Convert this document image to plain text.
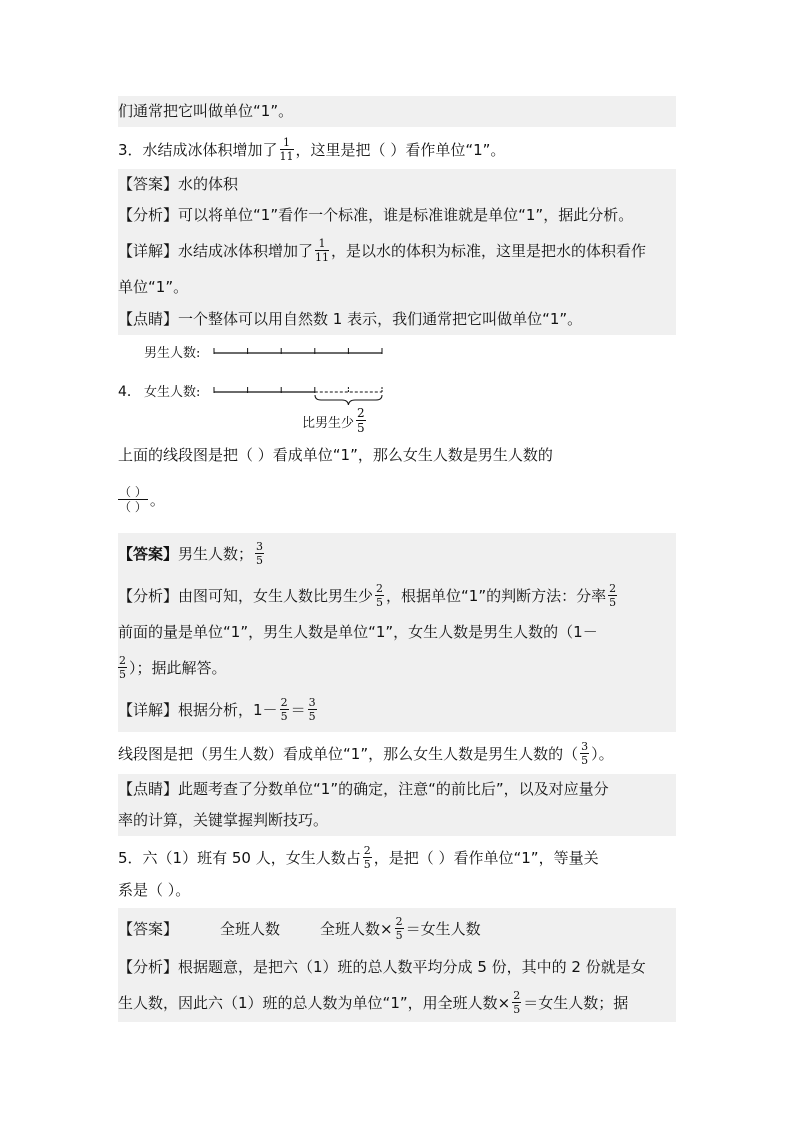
们通常把它叫做单位“1”。
3．水结成冰体积增加了 $\frac{1}{11}$ ，这里是把（ ）看作单位“1”。
【答案】水的体积
【分析】可以将单位“1”看作一个标准，谁是标准谁就是单位“1”，据此分析。
【详解】水结成冰体积增加了 $\frac{1}{11}$ ，是以水的体积为标准，这里是把水的体积看作
单位“1”。
【点睛】一个整体可以用自然数 1 表示，我们通常把它叫做单位“1”。
男生人数:
4． 女生人数:
比男生少 $\frac{2}{5}$
上面的线段图是把（ ）看成单位“1”，那么女生人数是男生人数的
$\frac{( )}{( )}$ 。
【答案】男生人数； $\frac{3}{5}$
【分析】由图可知，女生人数比男生少 $\frac{2}{5}$ ，根据单位“1”的判断方法：分率 $\frac{2}{5}$
前面的量是单位“1”，男生人数是单位“1”，女生人数是男生人数的（1－
$\frac{2}{5}$ ）；据此解答。
【详解】根据分析，$1- \frac{2}{5} = \frac{3}{5}$
线段图是把（男生人数）看成单位“1”，那么女生人数是男生人数的（ $\frac{3}{5}$ ）。
【点睛】此题考查了分数单位“1”的确定，注意“的前比后”，以及对应量分
率的计算，关键掌握判断技巧。
5．六（1）班有 50 人，女生人数占 $\frac{2}{5}$ ，是把（ ）看作单位“1”，等量关
系是（ ）。
【答案】	全班人数	全班人数× $\frac{2}{5}$ ＝女生人数
【分析】根据题意，是把六（1）班的总人数平均分成 5 份，其中的 2 份就是女
生人数，因此六（1）班的总人数为单位“1”，用全班人数× $\frac{2}{5}$ ＝女生人数；据
